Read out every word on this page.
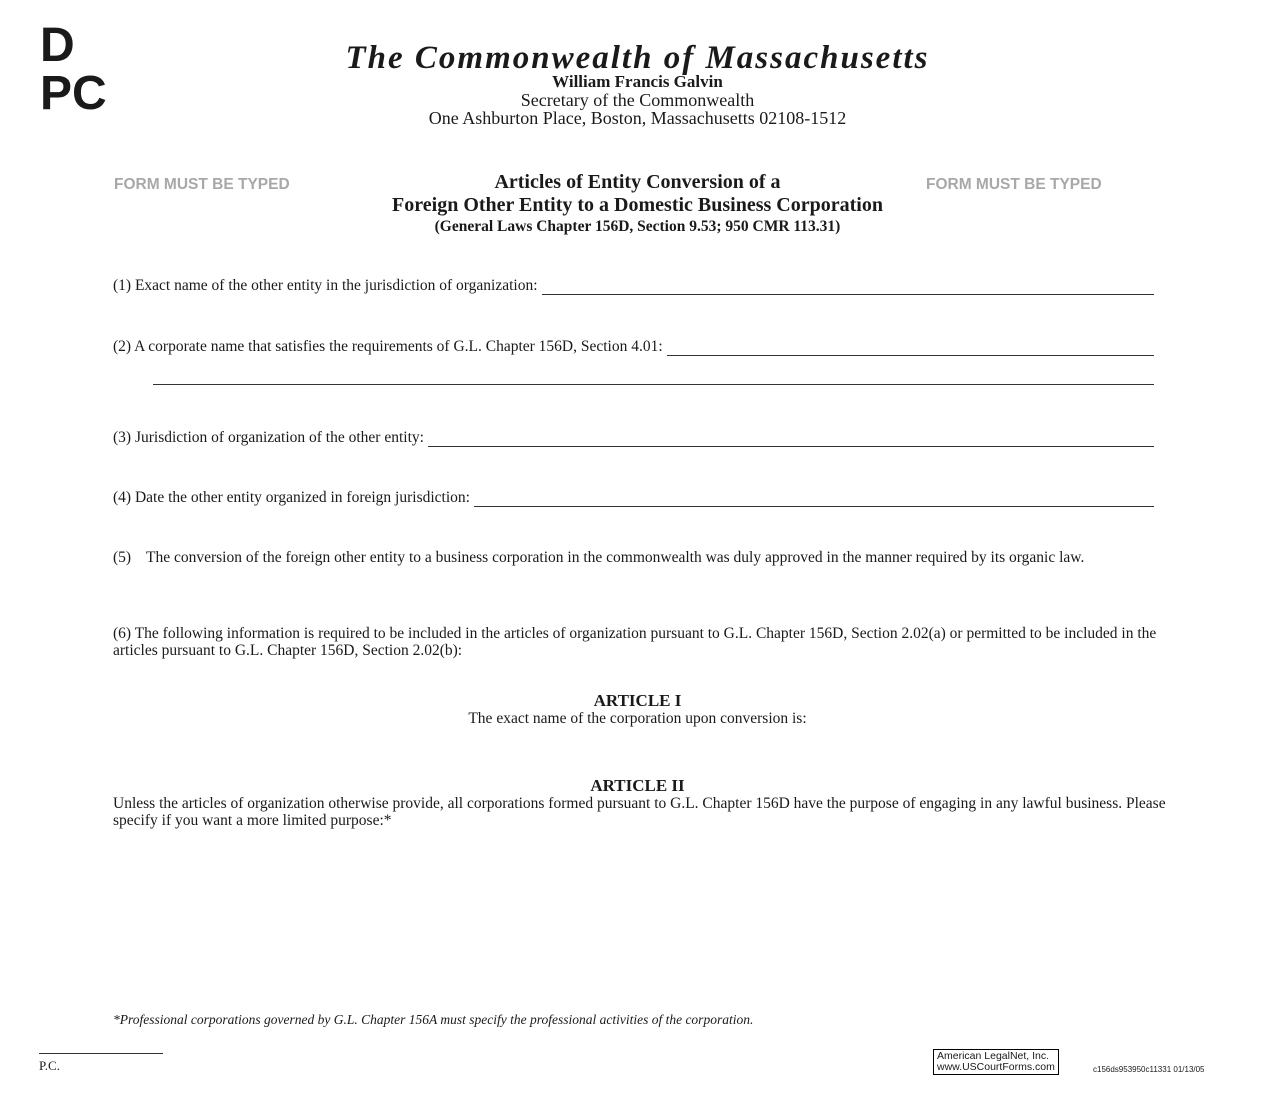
D
PC
The Commonwealth of Massachusetts
William Francis Galvin
Secretary of the Commonwealth
One Ashburton Place, Boston, Massachusetts 02108-1512
FORM MUST BE TYPED	FORM MUST BE TYPED
Articles of Entity Conversion of a
Foreign Other Entity to a Domestic Business Corporation
(General Laws Chapter 156D, Section 9.53; 950 CMR 113.31)
(1) Exact name of the other entity in the jurisdiction of organization:
(2) A corporate name that satisfies the requirements of G.L. Chapter 156D, Section 4.01:
(3) Jurisdiction of organization of the other entity:
(4) Date the other entity organized in foreign jurisdiction:
(5) The conversion of the foreign other entity to a business corporation in the commonwealth was duly approved in the manner required by its organic law.
(6) The following information is required to be included in the articles of organization pursuant to G.L. Chapter 156D, Section 2.02(a) or permitted to be included in the articles pursuant to G.L. Chapter 156D, Section 2.02(b):
ARTICLE I
The exact name of the corporation upon conversion is:
ARTICLE II
Unless the articles of organization otherwise provide, all corporations formed pursuant to G.L. Chapter 156D have the purpose of engaging in any lawful business. Please specify if you want a more limited purpose:*
*Professional corporations governed by G.L. Chapter 156A must specify the professional activities of the corporation.
P.C.
American LegalNet, Inc.
www.USCourtForms.com	c156ds953950c11331 01/13/05
